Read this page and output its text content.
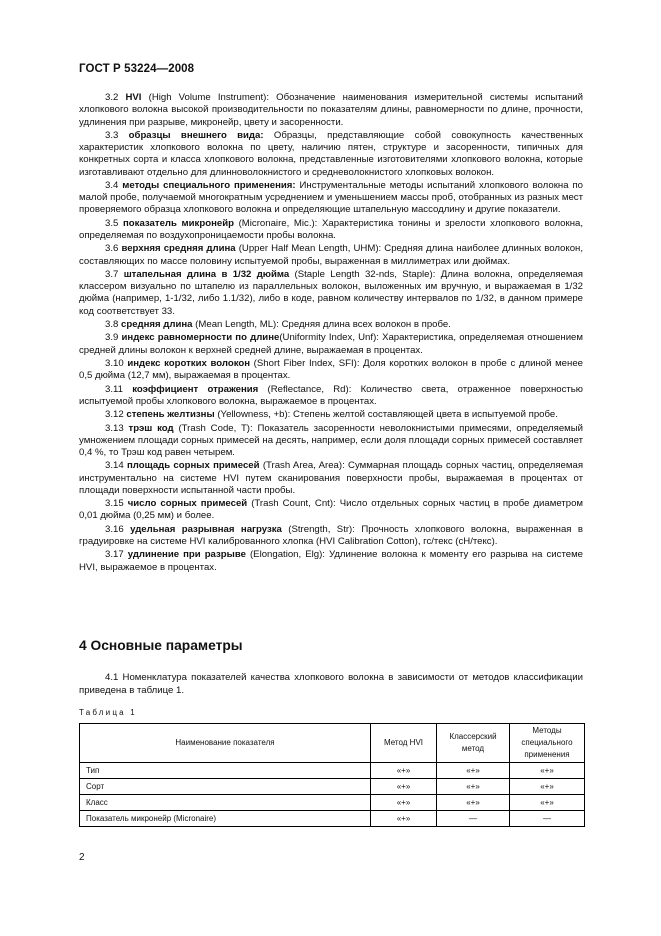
ГОСТ Р 53224—2008

3.2 HVI (High Volume Instrument): Обозначение наименования измерительной системы испытаний хлопкового волокна высокой производительности по показателям длины, равномерности по длине, прочности, удлинения при разрыве, микронейр, цвету и засоренности.

3.3 образцы внешнего вида: Образцы, представляющие собой совокупность качественных характеристик хлопкового волокна по цвету, наличию пятен, структуре и засоренности, типичных для конкретных сорта и класса хлопкового волокна, представленные изготовителями хлопкового волокна, которые изготавливают отдельно для длинноволокнистого и средневолокнистого хлопковых волокон.

3.4 методы специального применения: Инструментальные методы испытаний хлопкового волокна по малой пробе, получаемой многократным усреднением и уменьшением массы проб, отобранных из разных мест проверяемого образца хлопкового волокна и определяющие штапельную массодлину и другие показатели.

3.5 показатель микронейр (Micronaire, Mic.): Характеристика тонины и зрелости хлопкового волокна, определяемая по воздухопроницаемости пробы волокна.

3.6 верхняя средняя длина (Upper Half Mean Length, UHM): Средняя длина наиболее длинных волокон, составляющих по массе половину испытуемой пробы, выраженная в миллиметрах или дюймах.

3.7 штапельная длина в 1/32 дюйма (Staple Length 32-nds, Staple): Длина волокна, определяемая классером визуально по штапелю из параллельных волокон, выложенных им вручную, и выражаемая в 1/32 дюйма (например, 1-1/32, либо 1.1/32), либо в коде, равном количеству интервалов по 1/32, в данном примере код соответствует 33.

3.8 средняя длина (Mean Length, ML): Средняя длина всех волокон в пробе.

3.9 индекс равномерности по длине(Uniformity Index, Unf): Характеристика, определяемая отношением средней длины волокон к верхней средней длине, выражаемая в процентах.

3.10 индекс коротких волокон (Short Fiber Index, SFI): Доля коротких волокон в пробе с длиной менее 0,5 дюйма (12,7 мм), выражаемая в процентах.

3.11 коэффициент отражения (Reflectance, Rd): Количество света, отраженное поверхностью испытуемой пробы хлопкового волокна, выражаемое в процентах.

3.12 степень желтизны (Yellowness, +b): Степень желтой составляющей цвета в испытуемой пробе.

3.13 трэш код (Trash Code, T): Показатель засоренности неволокнистыми примесями, определяемый умножением площади сорных примесей на десять, например, если доля площади сорных примесей составляет 0,4 %, то Трэш код равен четырем.

3.14 площадь сорных примесей (Trash Area, Area): Суммарная площадь сорных частиц, определяемая инструментально на системе HVI путем сканирования поверхности пробы, выражаемая в процентах от площади поверхности испытанной части пробы.

3.15 число сорных примесей (Trash Count, Cnt): Число отдельных сорных частиц в пробе диаметром 0,01 дюйма (0,25 мм) и более.

3.16 удельная разрывная нагрузка (Strength, Str): Прочность хлопкового волокна, выраженная в градуировке на системе HVI калиброванного хлопка (HVI Calibration Cotton), гс/текс (сН/текс).

3.17 удлинение при разрыве (Elongation, Elg): Удлинение волокна к моменту его разрыва на системе HVI, выражаемое в процентах.

4 Основные параметры
4.1 Номенклатура показателей качества хлопкового волокна в зависимости от методов классификации приведена в таблице 1.
Таблица 1
Наименование показателя	Метод HVI	Классерский метод	Методы специального применения
Тип	«+»	«+»	«+»
Сорт	«+»	«+»	«+»
Класс	«+»	«+»	«+»
Показатель микронейр (Micronaire)	«+»	—	—
2
